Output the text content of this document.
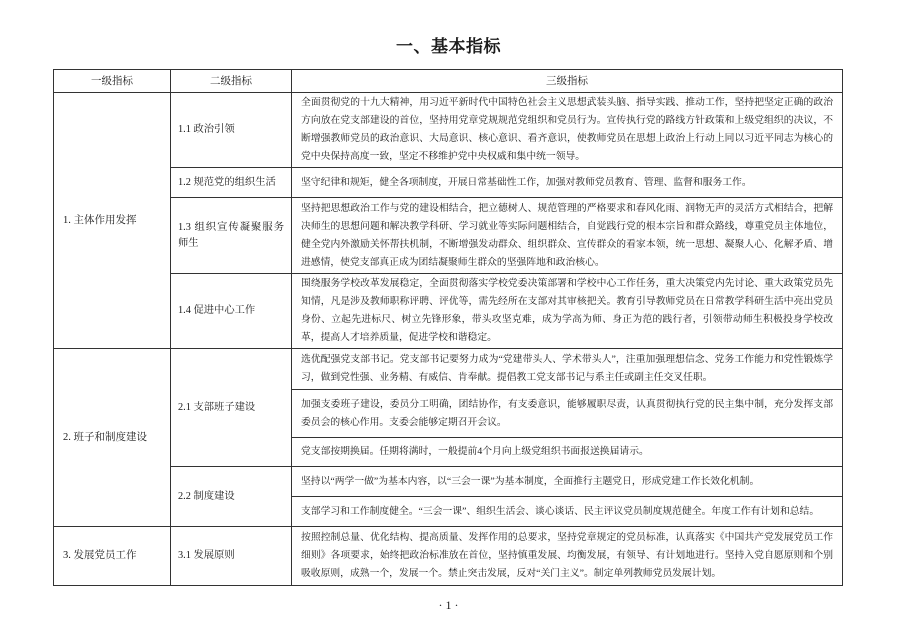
一、基本指标
一级指标	二级指标	三级指标

1. 主体作用发挥	1.1 政治引领	全面贯彻党的十九大精神，用习近平新时代中国特色社会主义思想武装头脑、指导实践、推动工作，坚持把坚定正确的政治方向放在党支部建设的首位，坚持用党章党规规范党组织和党员行为。宣传执行党的路线方针政策和上级党组织的决议，不断增强教师党员的政治意识、大局意识、核心意识、看齐意识，使教师党员在思想上政治上行动上同以习近平同志为核心的党中央保持高度一致，坚定不移维护党中央权威和集中统一领导。

	1.2 规范党的组织生活	坚守纪律和规矩，健全各项制度，开展日常基础性工作，加强对教师党员教育、管理、监督和服务工作。

	1.3 组织宣传凝聚服务师生	坚持把思想政治工作与党的建设相结合，把立德树人、规范管理的严格要求和春风化雨、润物无声的灵活方式相结合，把解决师生的思想问题和解决教学科研、学习就业等实际问题相结合，自觉践行党的根本宗旨和群众路线，尊重党员主体地位，健全党内外激励关怀帮扶机制，不断增强发动群众、组织群众、宣传群众的看家本领，统一思想、凝聚人心、化解矛盾、增进感情，使党支部真正成为团结凝聚师生群众的坚强阵地和政治核心。

	1.4 促进中心工作	围绕服务学校改革发展稳定，全面贯彻落实学校党委决策部署和学校中心工作任务，重大决策党内先讨论、重大政策党员先知情，凡是涉及教师职称评聘、评优等，需先经所在支部对其审核把关。教育引导教师党员在日常教学科研生活中亮出党员身份、立起先进标尺、树立先锋形象，带头攻坚克难，成为学高为师、身正为范的践行者，引领带动师生积极投身学校改革，提高人才培养质量，促进学校和谐稳定。

2. 班子和制度建设	2.1 支部班子建设	选优配强党支部书记。党支部书记要努力成为“党建带头人、学术带头人”，注重加强理想信念、党务工作能力和党性锻炼学习，做到党性强、业务精、有威信、肯奉献。提倡教工党支部书记与系主任或副主任交叉任职。

		加强支委班子建设，委员分工明确，团结协作，有支委意识，能够履职尽责，认真贯彻执行党的民主集中制，充分发挥支部委员会的核心作用。支委会能够定期召开会议。

		党支部按期换届。任期将满时，一般提前4个月向上级党组织书面报送换届请示。

	2.2 制度建设	坚持以“两学一做”为基本内容，以“三会一课”为基本制度，全面推行主题党日，形成党建工作长效化机制。

		支部学习和工作制度健全。“三会一课”、组织生活会、谈心谈话、民主评议党员制度规范健全。年度工作有计划和总结。

3. 发展党员工作	3.1 发展原则	按照控制总量、优化结构、提高质量、发挥作用的总要求，坚持党章规定的党员标准，认真落实《中国共产党发展党员工作细则》各项要求，始终把政治标准放在首位，坚持慎重发展、均衡发展，有领导、有计划地进行。坚持入党自愿原则和个别吸收原则，成熟一个，发展一个。禁止突击发展，反对“关门主义”。制定单列教师党员发展计划。
· 1 ·
